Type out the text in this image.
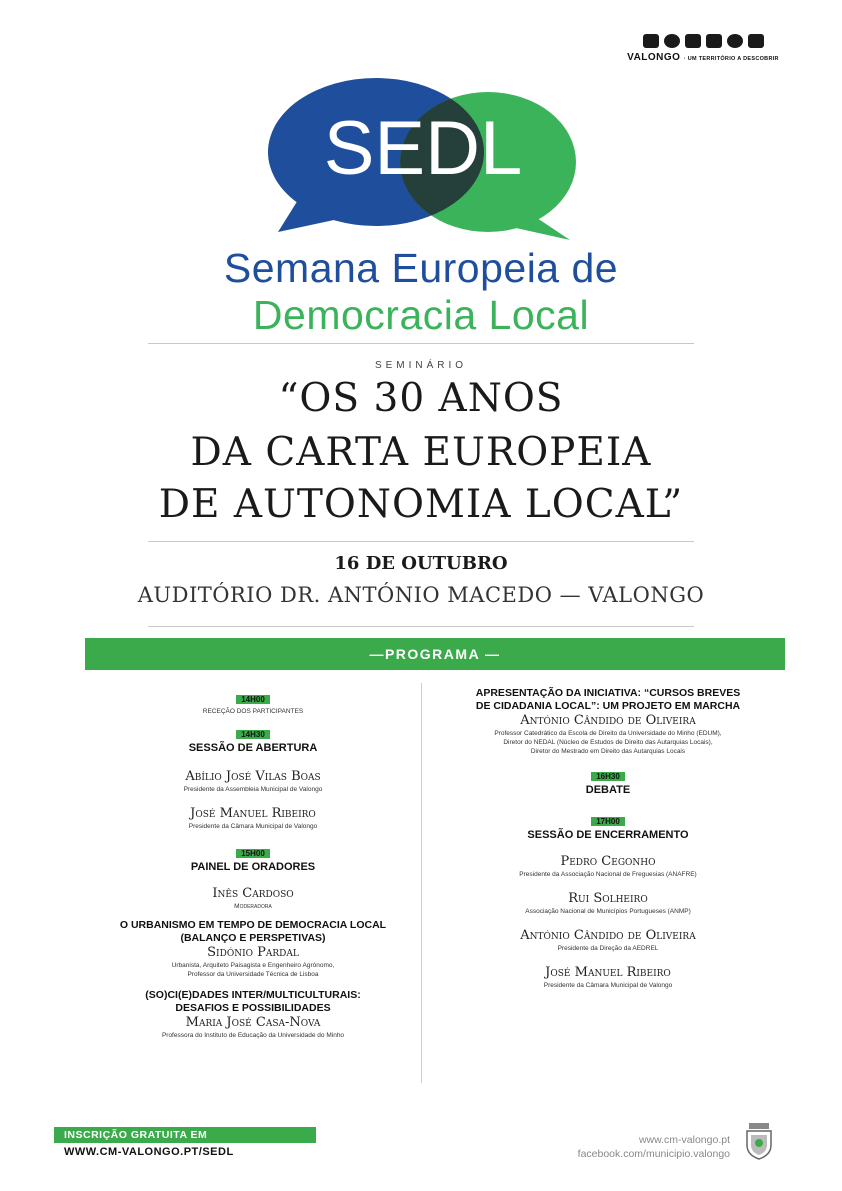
VALONGO · UM TERRITÓRIO A DESCOBRIR
SEDL
Semana Europeia de
Democracia Local
SEMINÁRIO
“OS 30 ANOS
DA CARTA EUROPEIA
DE AUTONOMIA LOCAL”
16 DE OUTUBRO
AUDITÓRIO DR. ANTÓNIO MACEDO — VALONGO
—PROGRAMA —
14H00
RECEÇÃO DOS PARTICIPANTES
14H30
SESSÃO DE ABERTURA
Abílio José Vilas Boas
Presidente da Assembleia Municipal de Valongo
José Manuel Ribeiro
Presidente da Câmara Municipal de Valongo
15H00
PAINEL DE ORADORES
Inês Cardoso
Moderadora
O URBANISMO EM TEMPO DE DEMOCRACIA LOCAL
(BALANÇO E PERSPETIVAS)
Sidónio Pardal
Urbanista, Arquiteto Paisagista e Engenheiro Agrónomo,
Professor da Universidade Técnica de Lisboa
(SO)CI(E)DADES INTER/MULTICULTURAIS:
DESAFIOS E POSSIBILIDADES
Maria José Casa-Nova
Professora do Instituto de Educação da Universidade do Minho
APRESENTAÇÃO DA INICIATIVA: “CURSOS BREVES
DE CIDADANIA LOCAL”: UM PROJETO EM MARCHA
António Cândido de Oliveira
Professor Catedrático da Escola de Direito da Universidade do Minho (EDUM),
Diretor do NEDAL (Núcleo de Estudos de Direito das Autarquias Locais),
Diretor do Mestrado em Direito das Autarquias Locais
16H30
DEBATE
17H00
SESSÃO DE ENCERRAMENTO
Pedro Cegonho
Presidente da Associação Nacional de Freguesias (ANAFRE)
Rui Solheiro
Associação Nacional de Municípios Portugueses (ANMP)
António Cândido de Oliveira
Presidente da Direção da AEDREL
José Manuel Ribeiro
Presidente da Câmara Municipal de Valongo
INSCRIÇÃO GRATUITA EM
WWW.CM-VALONGO.PT/SEDL
www.cm-valongo.pt
facebook.com/municipio.valongo
